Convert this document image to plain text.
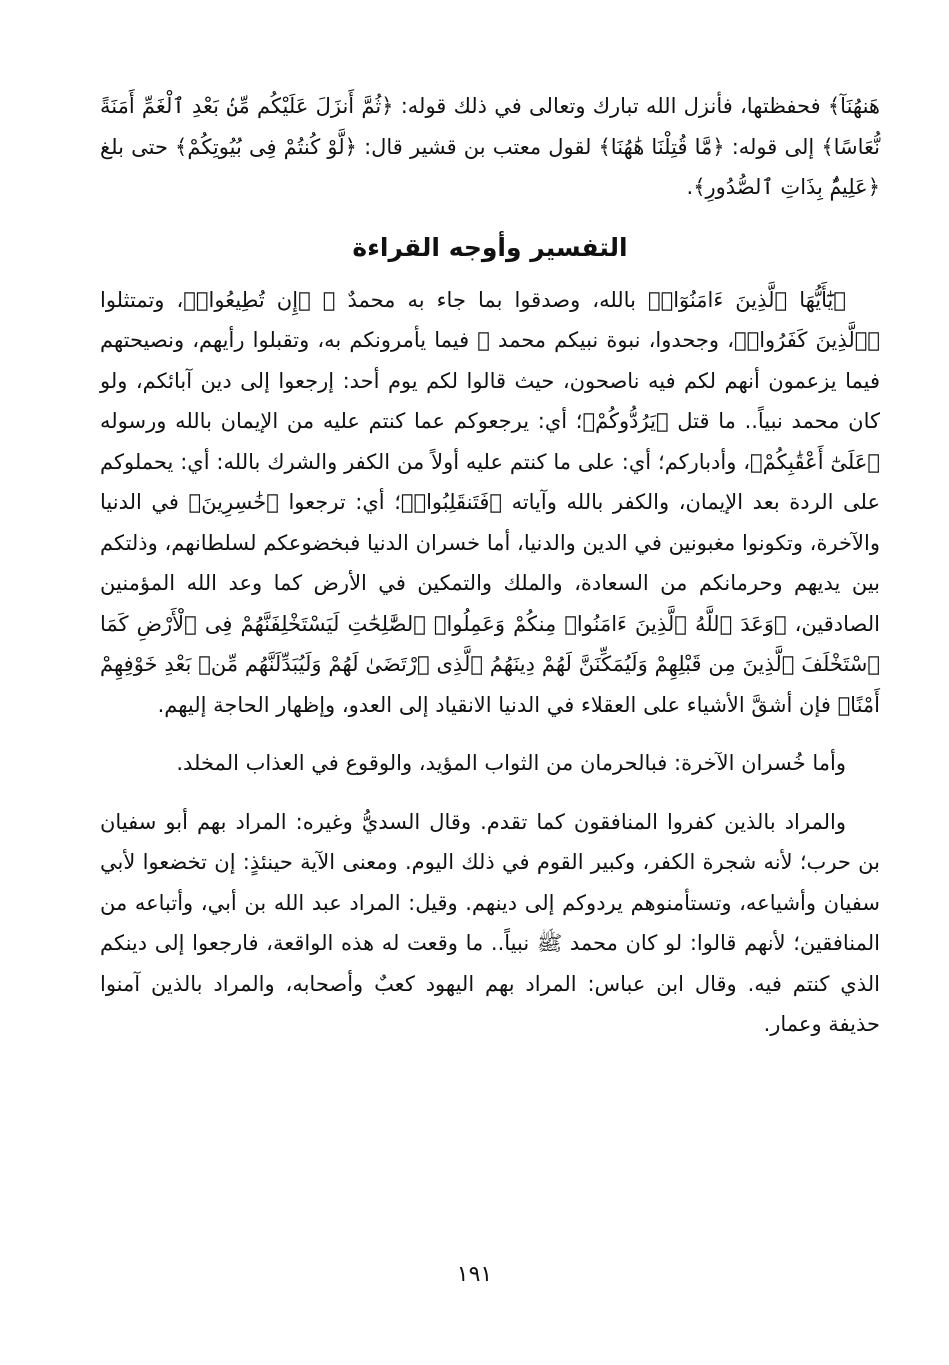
هَنهُنَآ﴾ فحفظتها، فأنزل الله تبارك وتعالى في ذلك قوله: ﴿ثُمَّ أَنزَلَ عَلَيْكُم مِّنۢ بَعْدِ ٱلْغَمِّ أَمَنَةً نُّعَاسًا﴾ إلى قوله: ﴿مَّا قُتِلْنَا هَٰهُنَا﴾ لقول معتب بن قشير قال: ﴿لَّوْ كُنتُمْ فِى بُيُوتِكُمْ﴾ حتى بلغ ﴿عَلِيمٌۢ بِذَاتِ ٱلصُّدُورِ﴾.

التفسير وأوجه القراءة

﴿يَٰٓأَيُّهَا ٱلَّذِينَ ءَامَنُوٓا۟﴾ بالله، وصدقوا بما جاء به محمدٌ ﷺ ﴿إِن تُطِيعُوا۟﴾، وتمتثلوا ﴿ٱلَّذِينَ كَفَرُوا۟﴾، وجحدوا، نبوة نبيكم محمد ﷺ فيما يأمرونكم به، وتقبلوا رأيهم، ونصيحتهم فيما يزعمون أنهم لكم فيه ناصحون، حيث قالوا لكم يوم أحد: إرجعوا إلى دين آبائكم، ولو كان محمد نبياً.. ما قتل ﴿يَرُدُّوكُمْ﴾؛ أي: يرجعوكم عما كنتم عليه من الإيمان بالله ورسوله ﴿عَلَىٰٓ أَعْقَٰبِكُمْ﴾، وأدباركم؛ أي: على ما كنتم عليه أولاً من الكفر والشرك بالله: أي: يحملوكم على الردة بعد الإيمان، والكفر بالله وآياته ﴿فَتَنقَلِبُوا۟﴾؛ أي: ترجعوا ﴿خَٰسِرِينَ﴾ في الدنيا والآخرة، وتكونوا مغبونين في الدين والدنيا، أما خسران الدنيا فبخضوعكم لسلطانهم، وذلتكم بين يديهم وحرمانكم من السعادة، والملك والتمكين في الأرض كما وعد الله المؤمنين الصادقين، ﴿وَعَدَ ٱللَّهُ ٱلَّذِينَ ءَامَنُوا۟ مِنكُمْ وَعَمِلُوا۟ ٱلصَّٰلِحَٰتِ لَيَسْتَخْلِفَنَّهُمْ فِى ٱلْأَرْضِ كَمَا ٱسْتَخْلَفَ ٱلَّذِينَ مِن قَبْلِهِمْ وَلَيُمَكِّنَنَّ لَهُمْ دِينَهُمُ ٱلَّذِى ٱرْتَضَىٰ لَهُمْ وَلَيُبَدِّلَنَّهُم مِّنۢ بَعْدِ خَوْفِهِمْ أَمْنًا﴾ فإن أشقَّ الأشياء على العقلاء في الدنيا الانقياد إلى العدو، وإظهار الحاجة إليهم.

وأما خُسران الآخرة: فبالحرمان من الثواب المؤيد، والوقوع في العذاب المخلد.

والمراد بالذين كفروا المنافقون كما تقدم. وقال السديُّ وغيره: المراد بهم أبو سفيان بن حرب؛ لأنه شجرة الكفر، وكبير القوم في ذلك اليوم. ومعنى الآية حينئذٍ: إن تخضعوا لأبي سفيان وأشياعه، وتستأمنوهم يردوكم إلى دينهم. وقيل: المراد عبد الله بن أبي، وأتباعه من المنافقين؛ لأنهم قالوا: لو كان محمد ﷺ نبياً.. ما وقعت له هذه الواقعة، فارجعوا إلى دينكم الذي كنتم فيه. وقال ابن عباس: المراد بهم اليهود كعبٌ وأصحابه، والمراد بالذين آمنوا حذيفة وعمار.

١٩١
